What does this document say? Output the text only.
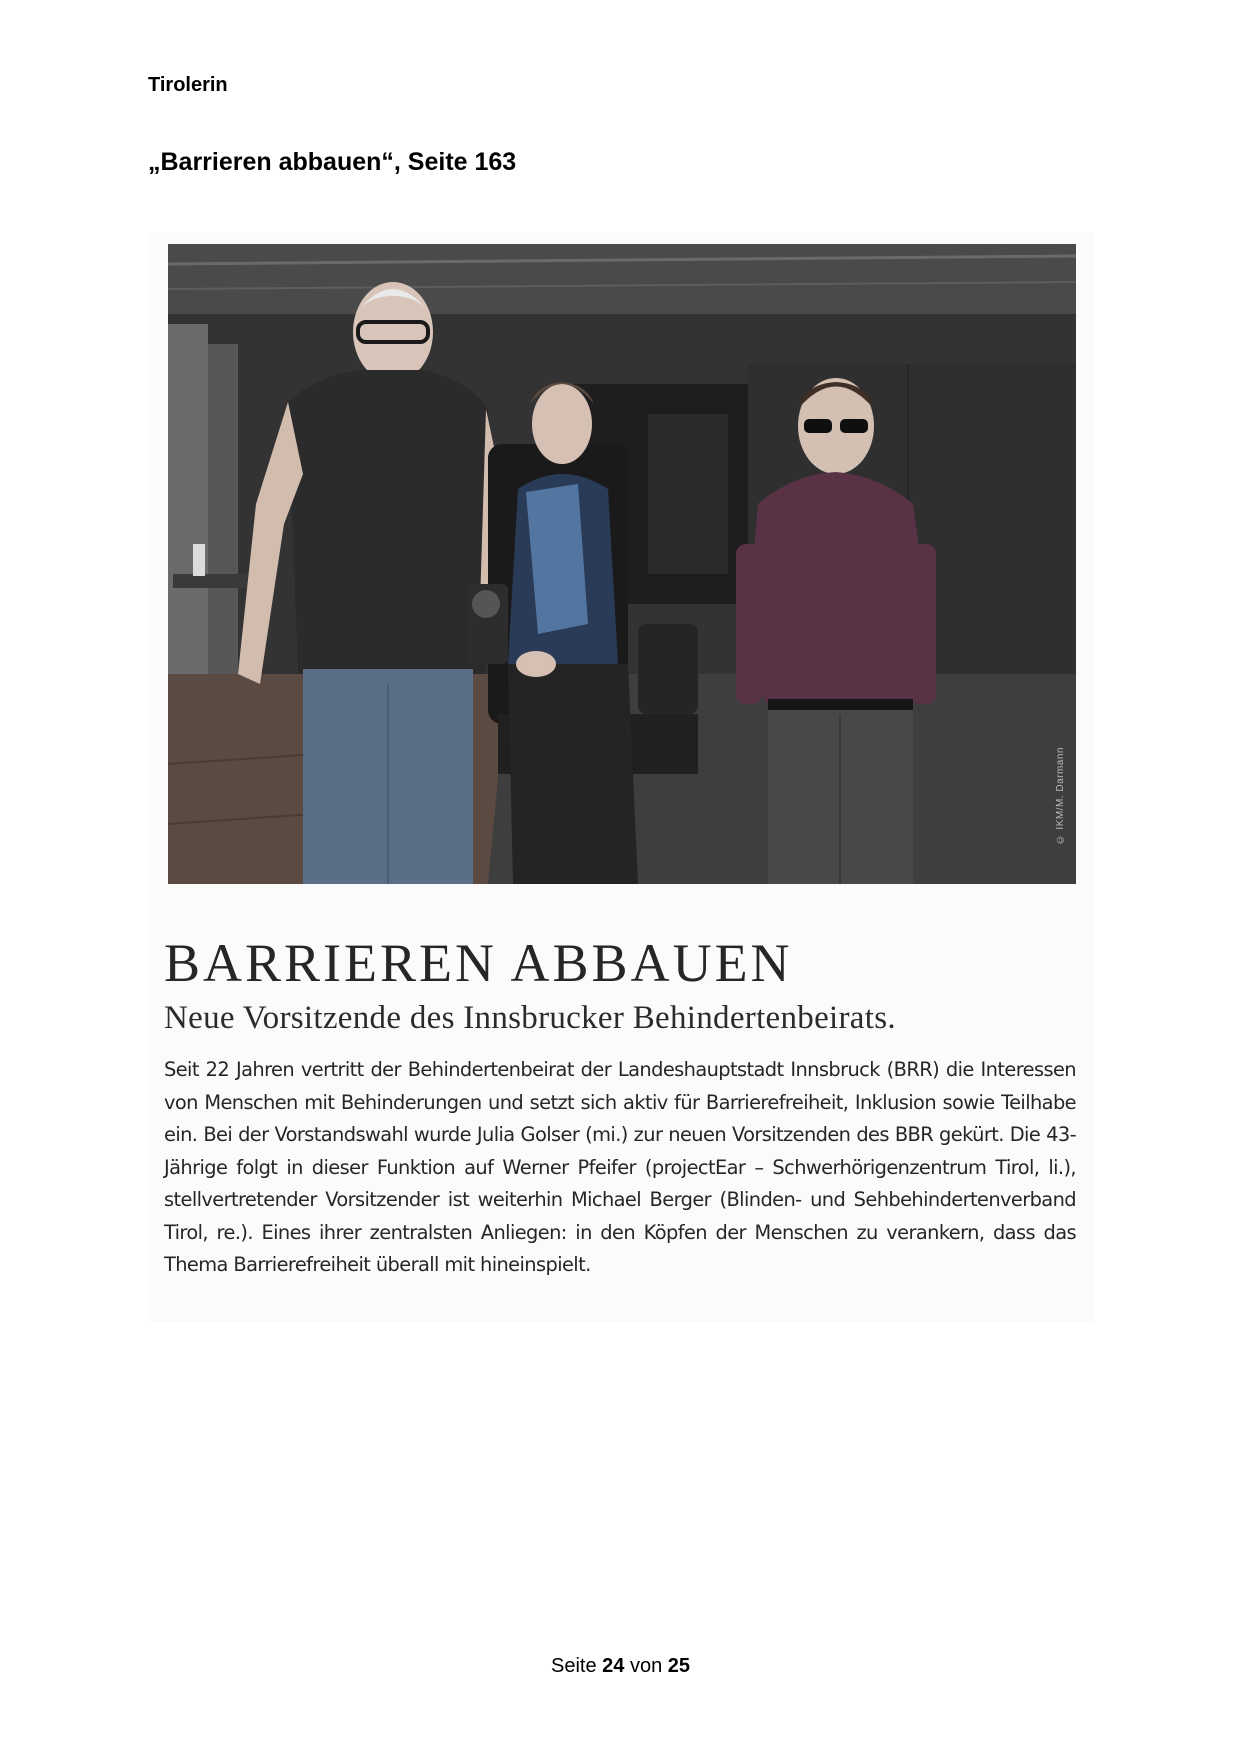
Tirolerin
„Barrieren abbauen“, Seite 163
© IKM/M. Darmann
BARRIEREN ABBAUEN
Neue Vorsitzende des Innsbrucker Behindertenbeirats.

Seit 22 Jahren vertritt der Behindertenbeirat der Landeshauptstadt Innsbruck (BRR) die Interessen von Menschen mit Behinderungen und setzt sich aktiv für Barrierefreiheit, Inklusion sowie Teilhabe ein. Bei der Vorstandswahl wurde Julia Golser (mi.) zur neuen Vorsitzenden des BBR gekürt. Die 43-Jährige folgt in dieser Funktion auf Werner Pfeifer (projectEar – Schwerhörigenzentrum Tirol, li.), stellvertretender Vorsitzender ist weiterhin Michael Berger (Blinden- und Sehbehindertenverband Tirol, re.). Eines ihrer zentralsten Anliegen: in den Köpfen der Menschen zu verankern, dass das Thema Barrierefreiheit überall mit hineinspielt.

Seite 24 von 25
